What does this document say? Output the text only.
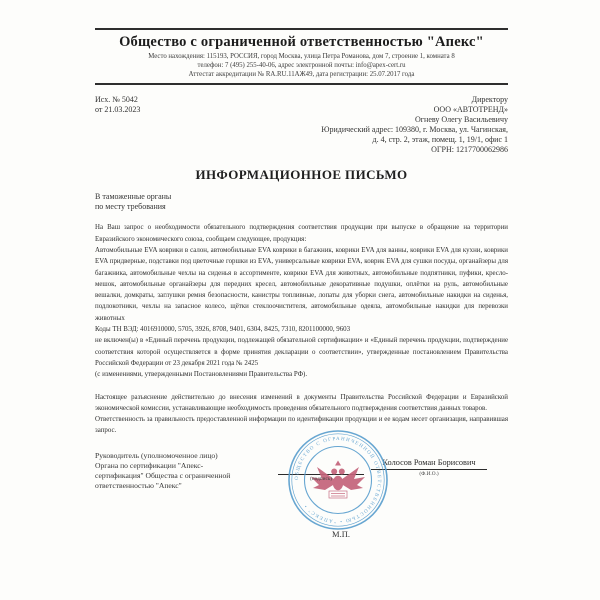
Общество с ограниченной ответственностью "Апекс"
Место нахождения: 115193, РОССИЯ, город Москва, улица Петра Романова, дом 7, строение 1, комната 8
телефон: 7 (495) 255-40-06, адрес электронной почты: info@apex-cert.ru
Аттестат аккредитации № RA.RU.11АЖ49, дата регистрации: 25.07.2017 года
Исх. № 5042
от 21.03.2023
Директору
ООО «АВТОТРЕНД»
Огневу Олегу Васильевичу
Юридический адрес: 109380, г. Москва, ул. Чагинская,
д. 4, стр. 2, этаж, помещ. 1, 19/1, офис 1
ОГРН: 1217700062986
ИНФОРМАЦИОННОЕ ПИСЬМО
В таможенные органы
по месту требования

На Ваш запрос о необходимости обязательного подтверждения соответствия продукции при выпуске в обращение на территории Евразийского экономического союза, сообщаем следующее, продукция:

Автомобильные EVA коврики в салон, автомобильные EVA коврики в багажник, коврики EVA для ванны, коврики EVA для кухни, коврики EVA придверные, подставки под цветочные горшки из EVA, универсальные коврики EVA, коврик EVA для сушки посуды, органайзеры для багажника, автомобильные чехлы на сиденья в ассортименте, коврики EVA для животных, автомобильные подпятники, пуфики, кресло-мешок, автомобильные органайзеры для передних кресел, автомобильные декоративные подушки, оплётки на руль, автомобильные вешалки, домкраты, заглушки ремня безопасности, канистры топливные, лопаты для уборки снега, автомобильные накидки на сиденья, подлокотники, чехлы на запасное колесо, щётки стеклоочистителя, автомобильные одеяла, автомобильные накидки для перевозки животных

Коды ТН ВЭД: 4016910000, 5705, 3926, 8708, 9401, 6304, 8425, 7310, 8201100000, 9603

не включен(ы) в «Единый перечень продукции, подлежащей обязательной сертификации» и «Единый перечень продукции, подтверждение соответствия которой осуществляется в форме принятия декларации о соответствии», утвержденные постановлением Правительства Российской Федерации от 23 декабря 2021 года № 2425

(с изменениями, утвержденными Постановлениями Правительства РФ).

Настоящее разъяснение действительно до внесения изменений в документы Правительства Российской Федерации и Евразийской экономической комиссии, устанавливающие необходимость проведения обязательного подтверждения соответствия данных товаров.

Ответственность за правильность предоставленной информации по идентификации продукции и ее кодам несет организация, направившая запрос.

Руководитель (уполномоченное лицо)
Органа по сертификации "Апекс-
сертификация" Общества с ограниченной
ответственностью "Апекс"
(подпись)
ОБЩЕСТВО С ОГРАНИЧЕННОЙ ОТВЕТСТВЕННОСТЬЮ • "АПЕКС" •
Колосов Роман Борисович
(Ф.И.О.)
М.П.
